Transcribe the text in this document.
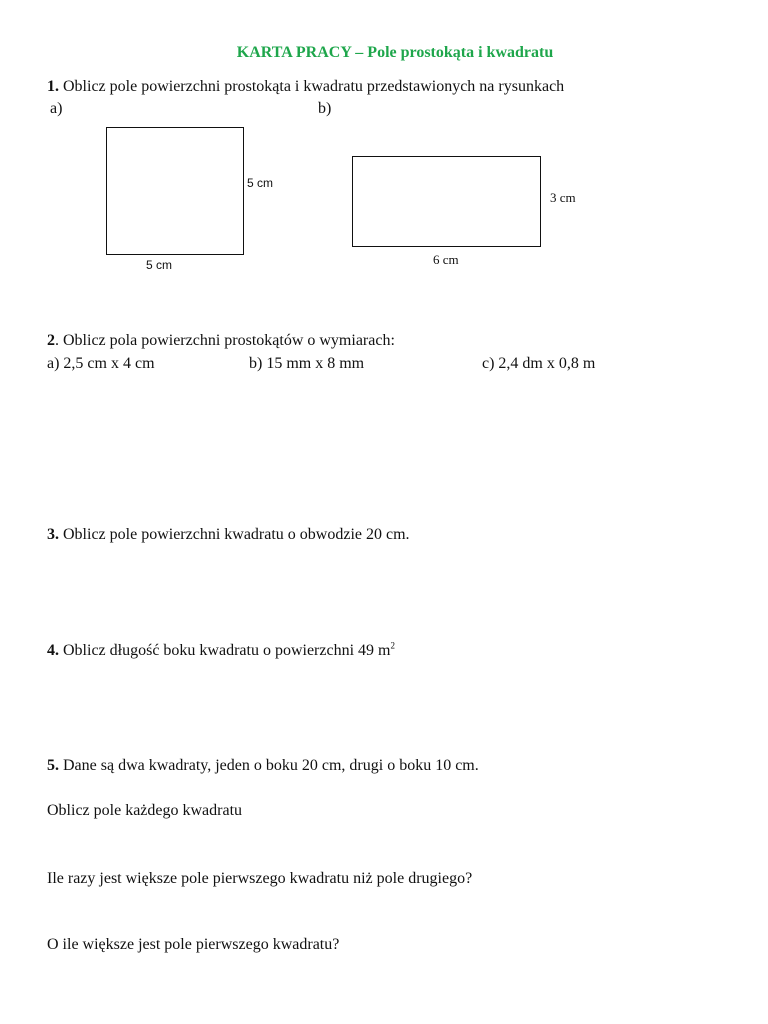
KARTA PRACY – Pole prostokąta i kwadratu
1. Oblicz pole powierzchni prostokąta i kwadratu przedstawionych na rysunkach
a)	b)
5 cm
5 cm
3 cm
6 cm
2. Oblicz pola powierzchni prostokątów o wymiarach:
a) 2,5 cm x 4 cm	b) 15 mm x 8 mm	c) 2,4 dm x 0,8 m
3. Oblicz pole powierzchni kwadratu o obwodzie 20 cm.
4. Oblicz długość boku kwadratu o powierzchni 49 $m^2$
5. Dane są dwa kwadraty, jeden o boku 20 cm, drugi o boku 10 cm.
Oblicz pole każdego kwadratu
Ile razy jest większe pole pierwszego kwadratu niż pole drugiego?
O ile większe jest pole pierwszego kwadratu?
